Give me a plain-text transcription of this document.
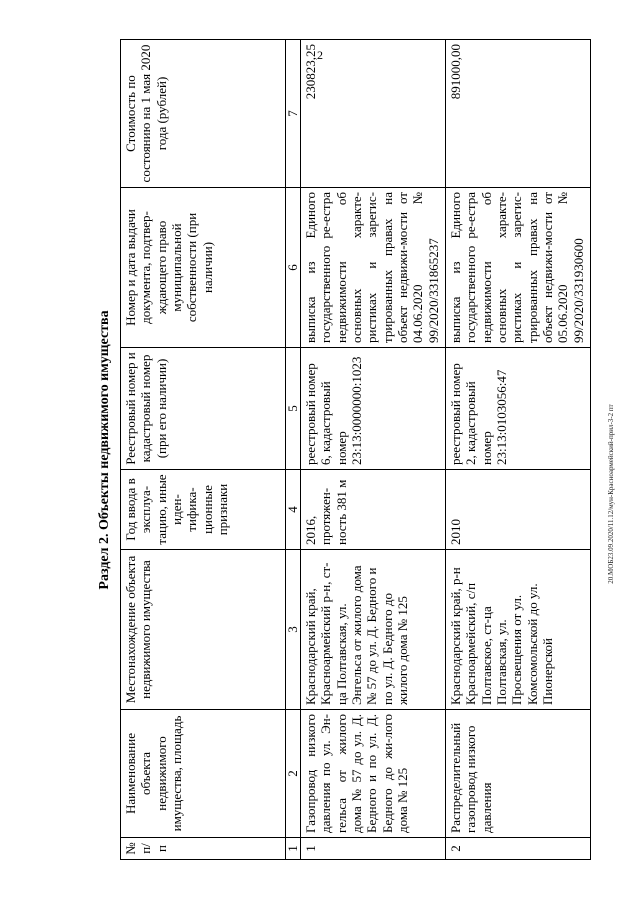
2
20.МОБ23.09.2020/11.12/мун-Красноармейский-прил-3-2 пт
Раздел 2. Объекты недвижимого имущества
№ п/п	Наименование объекта недвижимого имущества, площадь	Местонахождение объекта недвижимого имущества	Год ввода в эксплуа-тацию, иные иден-тифика-ционные признаки	Реестровый номер и кадастровый номер (при его наличии)	Номер и дата выдачи документа, подтвер-ждающего право муниципальной собственности (при наличии)	Стоимость по состоянию на 1 мая 2020 года (рублей)
1	2	3	4	5	6	7
1	Газопровод низкого давления по ул. Эн-гельса от жилого дома № 57 до ул. Д. Бедного и по ул. Д. Бедного до жи-лого дома № 125	Краснодарский край, Красноармейский р-н, ст-ца Полтавская, ул. Энгельса от жилого дома № 57 до ул. Д. Бедного и по ул. Д. Бедного до жилого дома № 125	2016, протяжен-ность 381 м	реестровый номер 6, кадастровый номер 23:13:0000000:1023	выписка из Единого государственного ре-естра недвижимости об основных характе-ристиках и зарегис-трированных правах на объект недвижи-мости от 04.06.2020 № 99/2020/331865237	230823,25
2	Распределительный газопровод низкого давления	Краснодарский край, р-н Красноармейский, с/п Полтавское, ст-ца Полтавская, ул. Просвещения от ул. Комсомольской до ул. Пионерской	2010	реестровый номер 2, кадастровый номер 23:13:0103056:47	выписка из Единого государственного ре-естра недвижимости об основных характе-ристиках и зарегис-трированных правах на объект недвижи-мости от 05.06.2020 № 99/2020/331930600	891000,00
